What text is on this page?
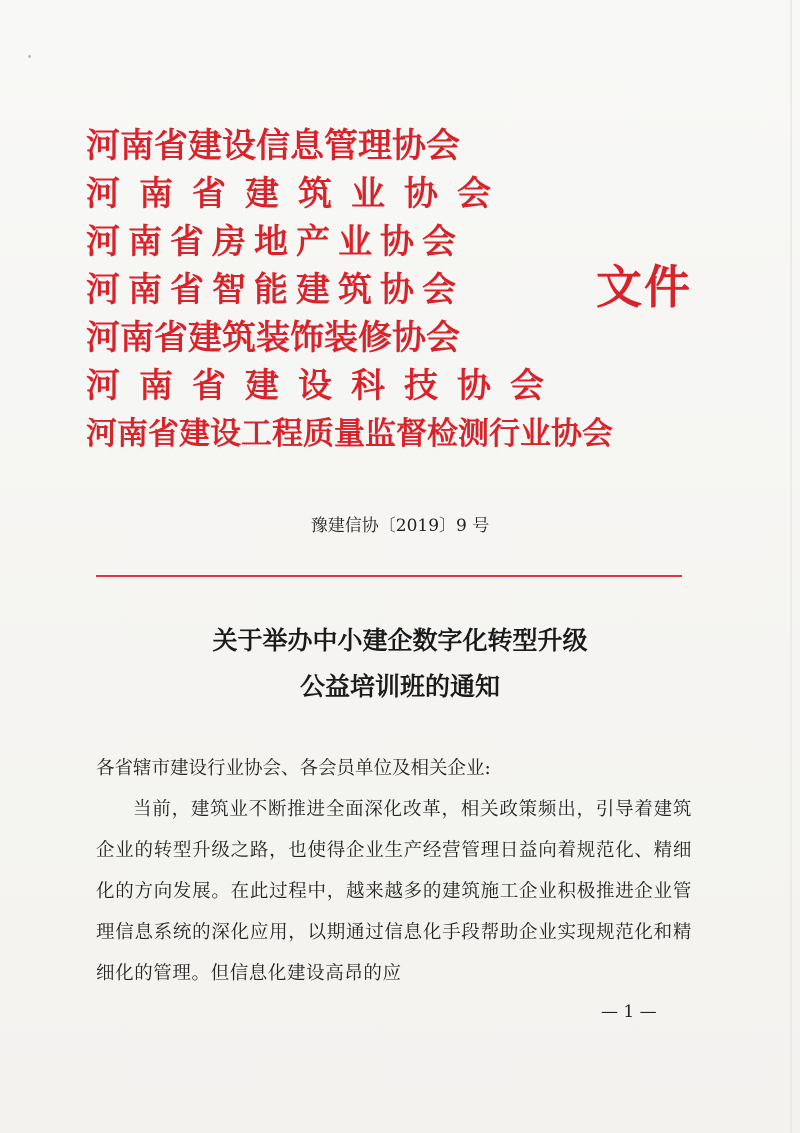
河南省建设信息管理协会
河南省建筑业协会
河南省房地产业协会
河南省智能建筑协会
河南省建筑装饰装修协会
河南省建设科技协会
河南省建设工程质量监督检测行业协会
文件
豫建信协〔2019〕9 号
关于举办中小建企数字化转型升级
公益培训班的通知
各省辖市建设行业协会、各会员单位及相关企业:
当前，建筑业不断推进全面深化改革，相关政策频出，引导着建筑企业的转型升级之路，也使得企业生产经营管理日益向着规范化、精细化的方向发展。在此过程中，越来越多的建筑施工企业积极推进企业管理信息系统的深化应用，以期通过信息化手段帮助企业实现规范化和精细化的管理。但信息化建设高昂的应
— 1 —
